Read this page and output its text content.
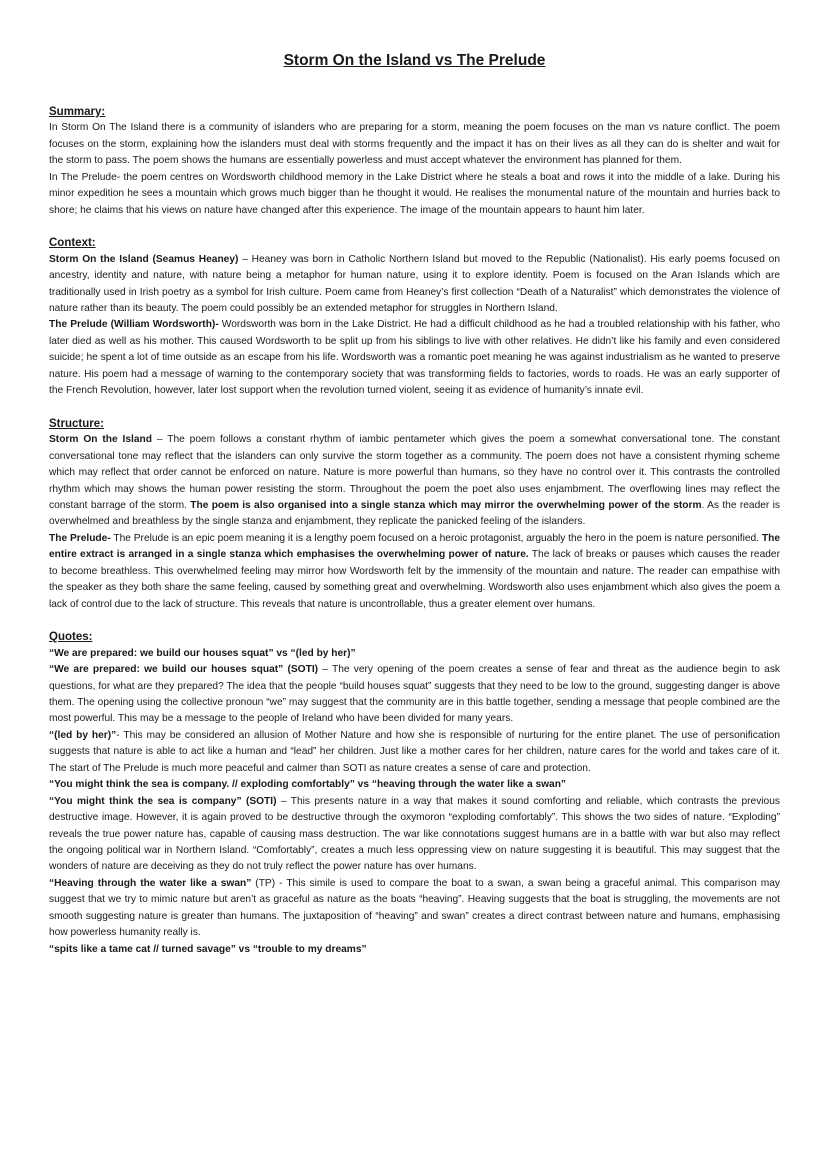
Storm On the Island vs The Prelude
Summary:

In Storm On The Island there is a community of islanders who are preparing for a storm, meaning the poem focuses on the man vs nature conflict. The poem focuses on the storm, explaining how the islanders must deal with storms frequently and the impact it has on their lives as all they can do is shelter and wait for the storm to pass. The poem shows the humans are essentially powerless and must accept whatever the environment has planned for them.

In The Prelude- the poem centres on Wordsworth childhood memory in the Lake District where he steals a boat and rows it into the middle of a lake. During his minor expedition he sees a mountain which grows much bigger than he thought it would. He realises the monumental nature of the mountain and hurries back to shore; he claims that his views on nature have changed after this experience. The image of the mountain appears to haunt him later.

Context:

Storm On the Island (Seamus Heaney) – Heaney was born in Catholic Northern Island but moved to the Republic (Nationalist). His early poems focused on ancestry, identity and nature, with nature being a metaphor for human nature, using it to explore identity. Poem is focused on the Aran Islands which are traditionally used in Irish poetry as a symbol for Irish culture. Poem came from Heaney’s first collection “Death of a Naturalist” which demonstrates the violence of nature rather than its beauty. The poem could possibly be an extended metaphor for struggles in Northern Island.

The Prelude (William Wordsworth)- Wordsworth was born in the Lake District. He had a difficult childhood as he had a troubled relationship with his father, who later died as well as his mother. This caused Wordsworth to be split up from his siblings to live with other relatives. He didn’t like his family and even considered suicide; he spent a lot of time outside as an escape from his life. Wordsworth was a romantic poet meaning he was against industrialism as he wanted to preserve nature. His poem had a message of warning to the contemporary society that was transforming fields to factories, words to roads. He was an early supporter of the French Revolution, however, later lost support when the revolution turned violent, seeing it as evidence of humanity’s innate evil.

Structure:

Storm On the Island – The poem follows a constant rhythm of iambic pentameter which gives the poem a somewhat conversational tone. The constant conversational tone may reflect that the islanders can only survive the storm together as a community. The poem does not have a consistent rhyming scheme which may reflect that order cannot be enforced on nature. Nature is more powerful than humans, so they have no control over it. This contrasts the controlled rhythm which may shows the human power resisting the storm. Throughout the poem the poet also uses enjambment. The overflowing lines may reflect the constant barrage of the storm. The poem is also organised into a single stanza which may mirror the overwhelming power of the storm. As the reader is overwhelmed and breathless by the single stanza and enjambment, they replicate the panicked feeling of the islanders.

The Prelude- The Prelude is an epic poem meaning it is a lengthy poem focused on a heroic protagonist, arguably the hero in the poem is nature personified. The entire extract is arranged in a single stanza which emphasises the overwhelming power of nature. The lack of breaks or pauses which causes the reader to become breathless. This overwhelmed feeling may mirror how Wordsworth felt by the immensity of the mountain and nature. The reader can empathise with the speaker as they both share the same feeling, caused by something great and overwhelming. Wordsworth also uses enjambment which also gives the poem a lack of control due to the lack of structure. This reveals that nature is uncontrollable, thus a greater element over humans.

Quotes:

“We are prepared: we build our houses squat” vs “(led by her)”

“We are prepared: we build our houses squat” (SOTI) – The very opening of the poem creates a sense of fear and threat as the audience begin to ask questions, for what are they prepared? The idea that the people “build houses squat” suggests that they need to be low to the ground, suggesting danger is above them. The opening using the collective pronoun “we” may suggest that the community are in this battle together, sending a message that people combined are the most powerful. This may be a message to the people of Ireland who have been divided for many years.

“(led by her)”- This may be considered an allusion of Mother Nature and how she is responsible of nurturing for the entire planet. The use of personification suggests that nature is able to act like a human and “lead” her children. Just like a mother cares for her children, nature cares for the world and takes care of it. The start of The Prelude is much more peaceful and calmer than SOTI as nature creates a sense of care and protection.

“You might think the sea is company. // exploding comfortably” vs “heaving through the water like a swan”

“You might think the sea is company” (SOTI) – This presents nature in a way that makes it sound comforting and reliable, which contrasts the previous destructive image. However, it is again proved to be destructive through the oxymoron “exploding comfortably”. This shows the two sides of nature. “Exploding” reveals the true power nature has, capable of causing mass destruction. The war like connotations suggest humans are in a battle with war but also may reflect the ongoing political war in Northern Island. “Comfortably”, creates a much less oppressing view on nature suggesting it is beautiful. This may suggest that the wonders of nature are deceiving as they do not truly reflect the power nature has over humans.

“Heaving through the water like a swan” (TP) - This simile is used to compare the boat to a swan, a swan being a graceful animal. This comparison may suggest that we try to mimic nature but aren’t as graceful as nature as the boats “heaving”. Heaving suggests that the boat is struggling, the movements are not smooth suggesting nature is greater than humans. The juxtaposition of “heaving” and swan” creates a direct contrast between nature and humans, emphasising how powerless humanity really is.

“spits like a tame cat // turned savage” vs “trouble to my dreams”
